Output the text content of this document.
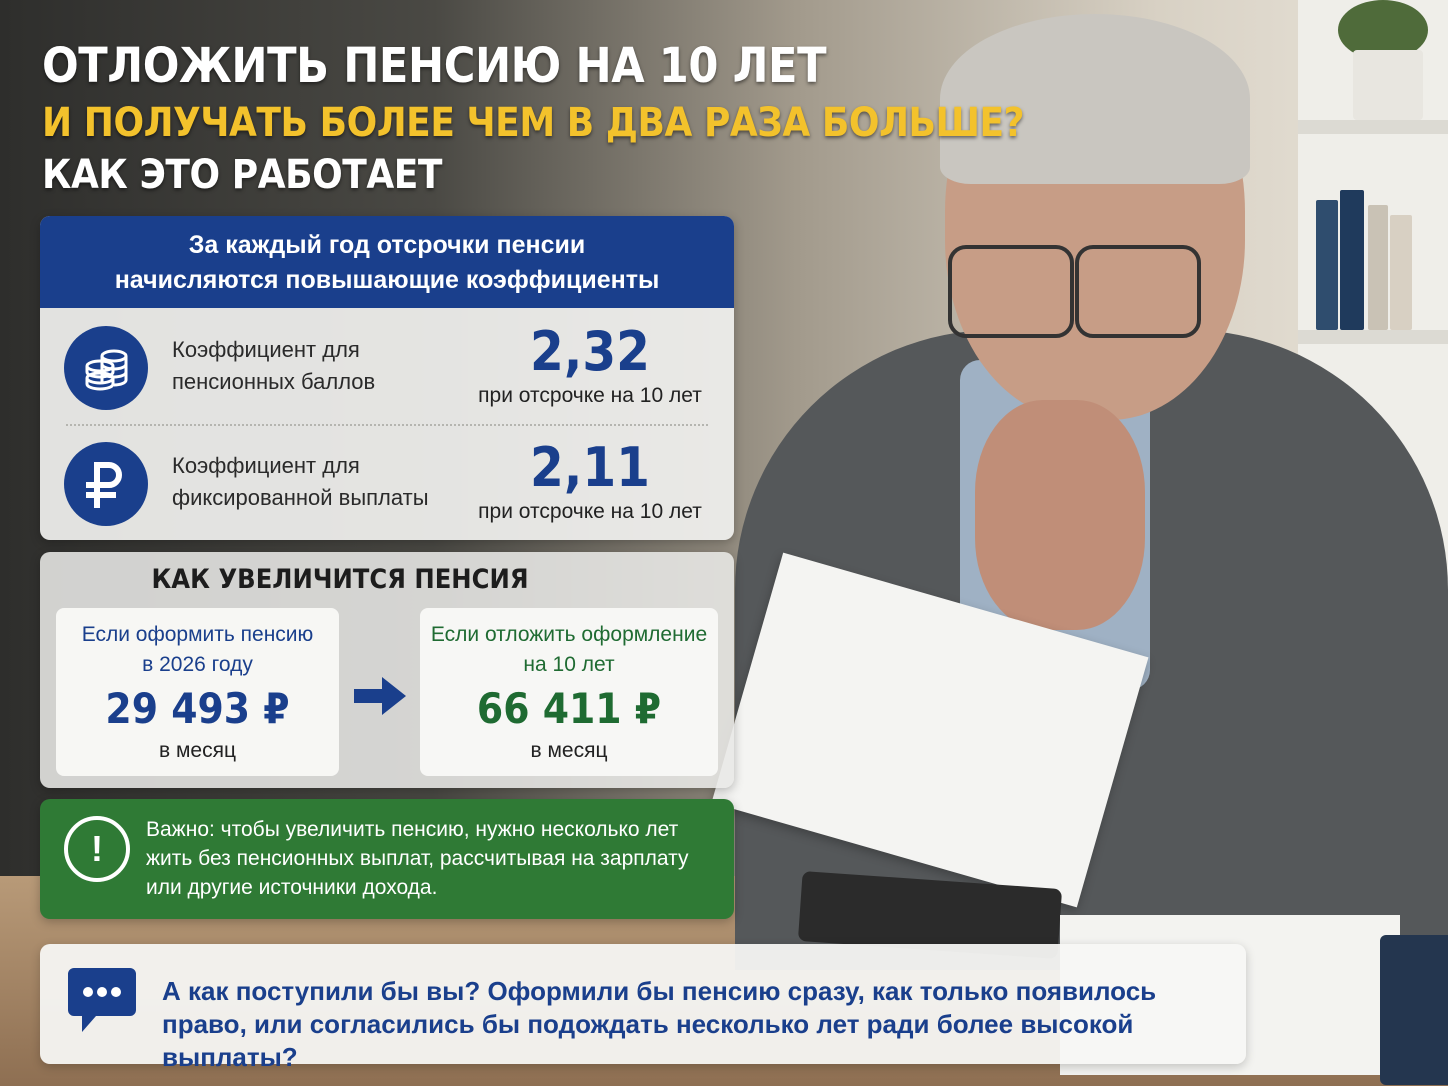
ОТЛОЖИТЬ ПЕНСИЮ НА 10 ЛЕТ
И ПОЛУЧАТЬ БОЛЕЕ ЧЕМ В ДВА РАЗА БОЛЬШЕ?
КАК ЭТО РАБОТАЕТ
За каждый год отсрочки пенсии
начисляются повышающие коэффициенты
Коэффициент для
пенсионных баллов	2,32
при отсрочке на 10 лет
Коэффициент для
фиксированной выплаты	2,11
при отсрочке на 10 лет
КАК УВЕЛИЧИТСЯ ПЕНСИЯ
Если оформить пенсию
в 2026 году
29 493 ₽
в месяц
Если отложить оформление
на 10 лет
66 411 ₽
в месяц
!	Важно: чтобы увеличить пенсию, нужно несколько лет жить без пенсионных выплат, рассчитывая на зарплату или другие источники дохода.
А как поступили бы вы? Оформили бы пенсию сразу, как только появилось право, или согласились бы подождать несколько лет ради более высокой выплаты?
